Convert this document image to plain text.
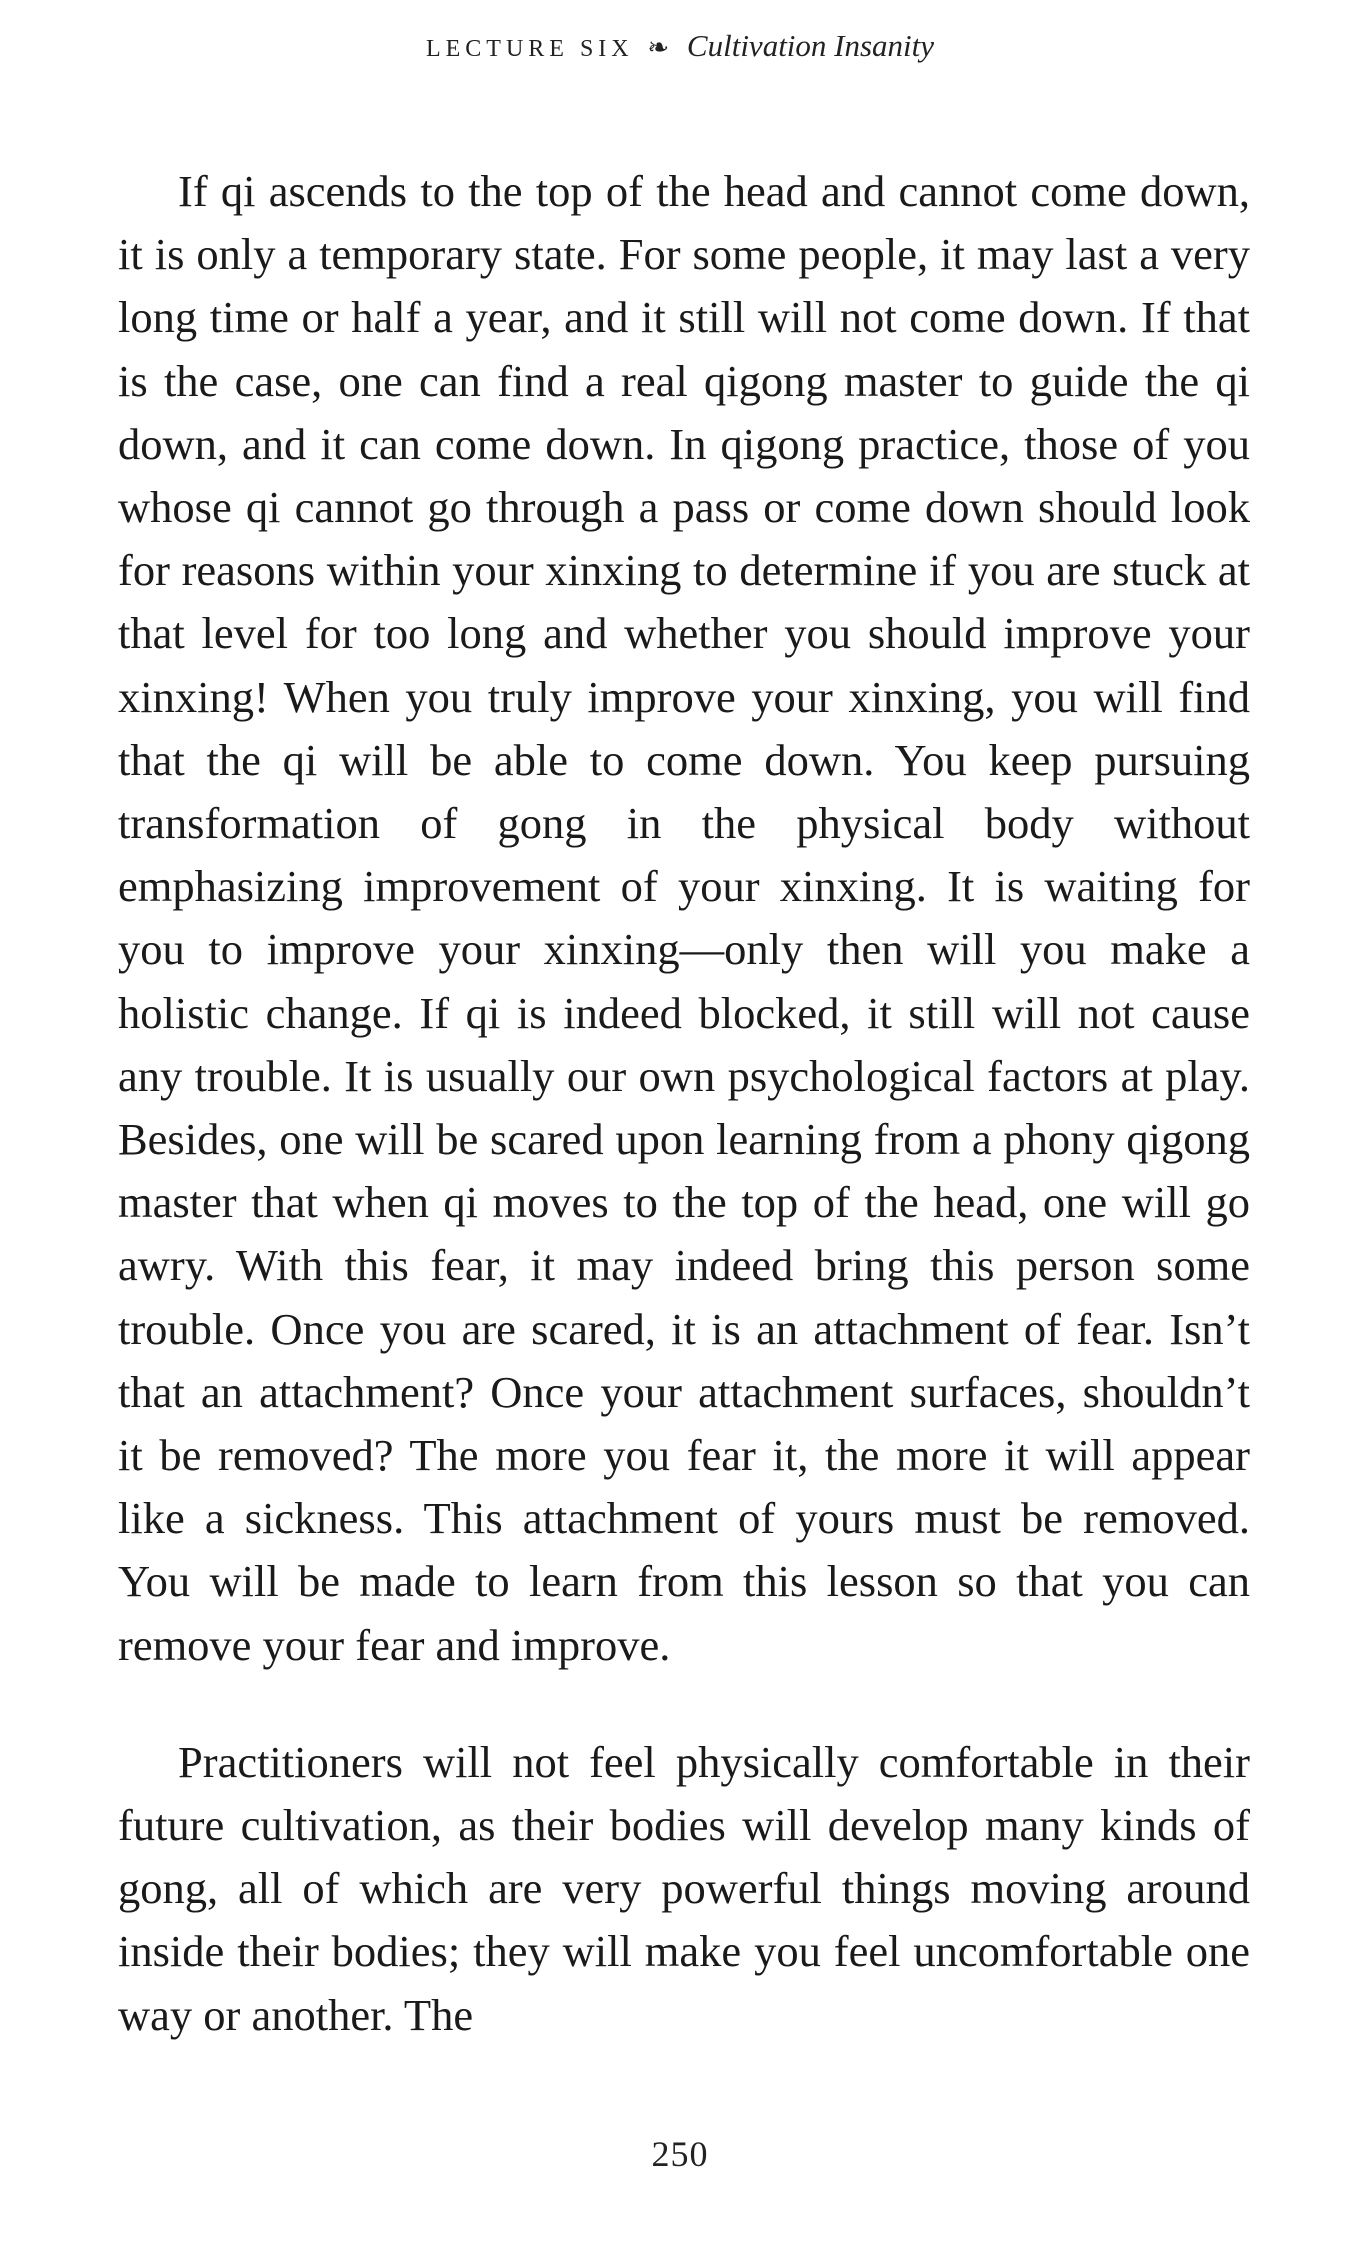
LECTURE SIX ❧ Cultivation Insanity

If qi ascends to the top of the head and cannot come down, it is only a temporary state. For some people, it may last a very long time or half a year, and it still will not come down. If that is the case, one can find a real qigong master to guide the qi down, and it can come down. In qigong practice, those of you whose qi cannot go through a pass or come down should look for reasons within your xinxing to determine if you are stuck at that level for too long and whether you should improve your xinxing! When you truly improve your xinxing, you will find that the qi will be able to come down. You keep pursuing transformation of gong in the physical body without emphasizing improvement of your xinxing. It is waiting for you to improve your xinxing—only then will you make a holistic change. If qi is indeed blocked, it still will not cause any trouble. It is usually our own psychological factors at play. Besides, one will be scared upon learning from a phony qigong master that when qi moves to the top of the head, one will go awry. With this fear, it may indeed bring this person some trouble. Once you are scared, it is an attachment of fear. Isn’t that an attachment? Once your attachment surfaces, shouldn’t it be removed? The more you fear it, the more it will appear like a sickness. This attachment of yours must be removed. You will be made to learn from this lesson so that you can remove your fear and improve.

Practitioners will not feel physically comfortable in their future cultivation, as their bodies will develop many kinds of gong, all of which are very powerful things moving around inside their bodies; they will make you feel uncomfortable one way or another. The

250
